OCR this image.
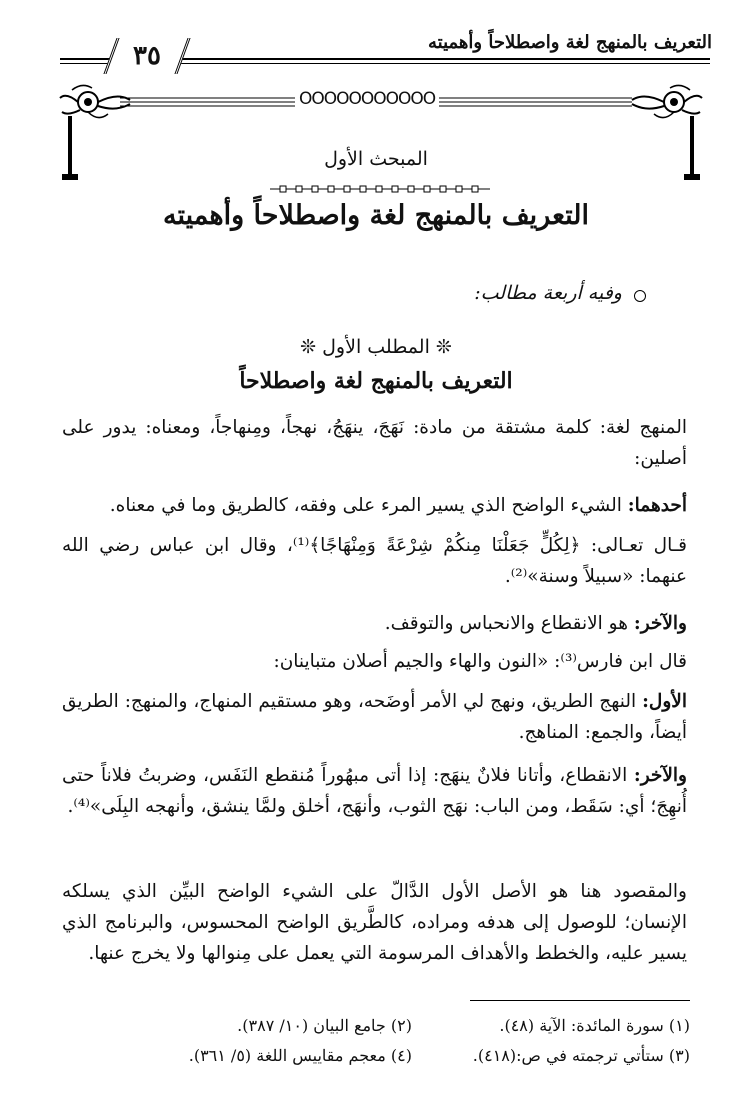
التعريف بالمنهج لغة واصطلاحاً وأهميته
٣٥
OOOOOOOOOOO
المبحث الأول
التعريف بالمنهج لغة واصطلاحاً وأهميته
وفيه أربعة مطالب:
❊ المطلب الأول ❊
التعريف بالمنهج لغة واصطلاحاً
المنهج لغة: كلمة مشتقة من مادة: نَهَجَ، ينهَجُ، نهجاً، ومِنهاجاً، ومعناه: يدور على أصلين:
أحدهما: الشيء الواضح الذي يسير المرء على وفقه، كالطريق وما في معناه.
قـال تعـالى: ﴿لِكُلٍّ جَعَلْنَا مِنكُمْ شِرْعَةً وَمِنْهَاجًا﴾⁽¹⁾، وقال ابن عباس رضي الله عنهما: «سبيلاً وسنة»⁽²⁾.
والآخر: هو الانقطاع والانحباس والتوقف.
قال ابن فارس⁽³⁾: «النون والهاء والجيم أصلان متباينان:
الأول: النهج الطريق، ونهج لي الأمر أوضَحه، وهو مستقيم المنهاج، والمنهج: الطريق أيضاً، والجمع: المناهج.
والآخر: الانقطاع، وأتانا فلانٌ ينهَج: إذا أتى مبهُوراً مُنقطع النَفَس، وضربتُ فلاناً حتى أُنهِجَ؛ أي: سَقَط، ومن الباب: نهَج الثوب، وأنهَج، أخلق ولمَّا ينشق، وأنهجه البِلَى»⁽⁴⁾.
والمقصود هنا هو الأصل الأول الدَّالّ على الشيء الواضح البيِّن الذي يسلكه الإنسان؛ للوصول إلى هدفه ومراده، كالطَّريق الواضح المحسوس، والبرنامج الذي يسير عليه، والخطط والأهداف المرسومة التي يعمل على مِنوالها ولا يخرج عنها.
(١) سورة المائدة: الآية (٤٨).
(٢) جامع البيان (١٠/ ٣٨٧).
(٣) ستأتي ترجمته في ص:(٤١٨).
(٤) معجم مقاييس اللغة (٥/ ٣٦١).
